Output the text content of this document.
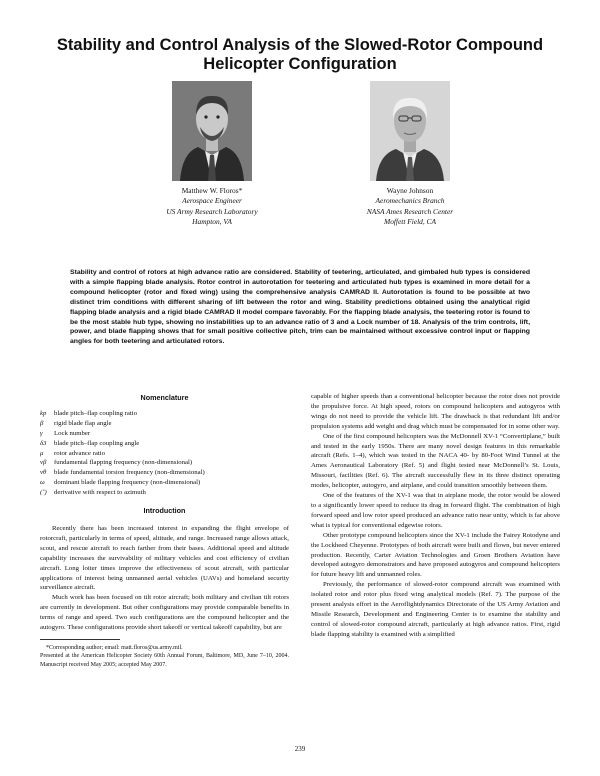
Stability and Control Analysis of the Slowed-Rotor Compound Helicopter Configuration
Matthew W. Floros*
Aerospace Engineer
US Army Research Laboratory
Hampton, VA
Wayne Johnson
Aeromechanics Branch
NASA Ames Research Center
Moffett Field, CA
Stability and control of rotors at high advance ratio are considered. Stability of teetering, articulated, and gimbaled hub types is considered with a simple flapping blade analysis. Rotor control in autorotation for teetering and articulated hub types is examined in more detail for a compound helicopter (rotor and fixed wing) using the comprehensive analysis CAMRAD II. Autorotation is found to be possible at two distinct trim conditions with different sharing of lift between the rotor and wing. Stability predictions obtained using the analytical rigid flapping blade analysis and a rigid blade CAMRAD II model compare favorably. For the flapping blade analysis, the teetering rotor is found to be the most stable hub type, showing no instabilities up to an advance ratio of 3 and a Lock number of 18. Analysis of the trim controls, lift, power, and blade flapping shows that for small positive collective pitch, trim can be maintained without excessive control input or flapping angles for both teetering and articulated rotors.
Nomenclature
kp	blade pitch–flap coupling ratio
β	rigid blade flap angle
γ	Lock number
δ3	blade pitch–flap coupling angle
μ	rotor advance ratio
νβ	fundamental flapping frequency (non-dimensional)
νθ	blade fundamental torsion frequency (non-dimensional)
ω	dominant blade flapping frequency (non-dimensional)
(˚)	derivative with respect to azimuth
Introduction

Recently there has been increased interest in expanding the flight envelope of rotorcraft, particularly in terms of speed, altitude, and range. Increased range allows attack, scout, and rescue aircraft to reach farther from their bases. Additional speed and altitude capability increases the survivability of military vehicles and cost efficiency of civilian aircraft. Long loiter times improve the effectiveness of scout aircraft, with particular applications of interest being unmanned aerial vehicles (UAVs) and homeland security surveillance aircraft.

Much work has been focused on tilt rotor aircraft; both military and civilian tilt rotors are currently in development. But other configurations may provide comparable benefits in terms of range and speed. Two such configurations are the compound helicopter and the autogyro. These configurations provide short takeoff or vertical takeoff capability, but are

*Corresponding author; email: matt.floros@us.army.mil.

Presented at the American Helicopter Society 60th Annual Forum, Baltimore, MD, June 7–10, 2004. Manuscript received May 2005; accepted May 2007.

capable of higher speeds than a conventional helicopter because the rotor does not provide the propulsive force. At high speed, rotors on compound helicopters and autogyros with wings do not need to provide the vehicle lift. The drawback is that redundant lift and/or propulsion systems add weight and drag which must be compensated for in some other way.

One of the first compound helicopters was the McDonnell XV-1 “Convertiplane,” built and tested in the early 1950s. There are many novel design features in this remarkable aircraft (Refs. 1–4), which was tested in the NACA 40- by 80-Foot Wind Tunnel at the Ames Aeronautical Laboratory (Ref. 5) and flight tested near McDonnell’s St. Louis, Missouri, facilities (Ref. 6). The aircraft successfully flew in its three distinct operating modes, helicopter, autogyro, and airplane, and could transition smoothly between them.

One of the features of the XV-1 was that in airplane mode, the rotor would be slowed to a significantly lower speed to reduce its drag in forward flight. The combination of high forward speed and low rotor speed produced an advance ratio near unity, which is far above what is typical for conventional edgewise rotors.

Other prototype compound helicopters since the XV-1 include the Fairey Rotodyne and the Lockheed Cheyenne. Prototypes of both aircraft were built and flown, but never entered production. Recently, Carter Aviation Technologies and Groen Brothers Aviation have developed autogyro demonstrators and have proposed autogyros and compound helicopters for future heavy lift and unmanned roles.

Previously, the performance of slowed-rotor compound aircraft was examined with isolated rotor and rotor plus fixed wing analytical models (Ref. 7). The purpose of the present analysis effort in the Aeroflightdynamics Directorate of the US Army Aviation and Missile Research, Development and Engineering Center is to examine the stability and control of slowed-rotor compound aircraft, particularly at high advance ratios. First, rigid blade flapping stability is examined with a simplified

239
